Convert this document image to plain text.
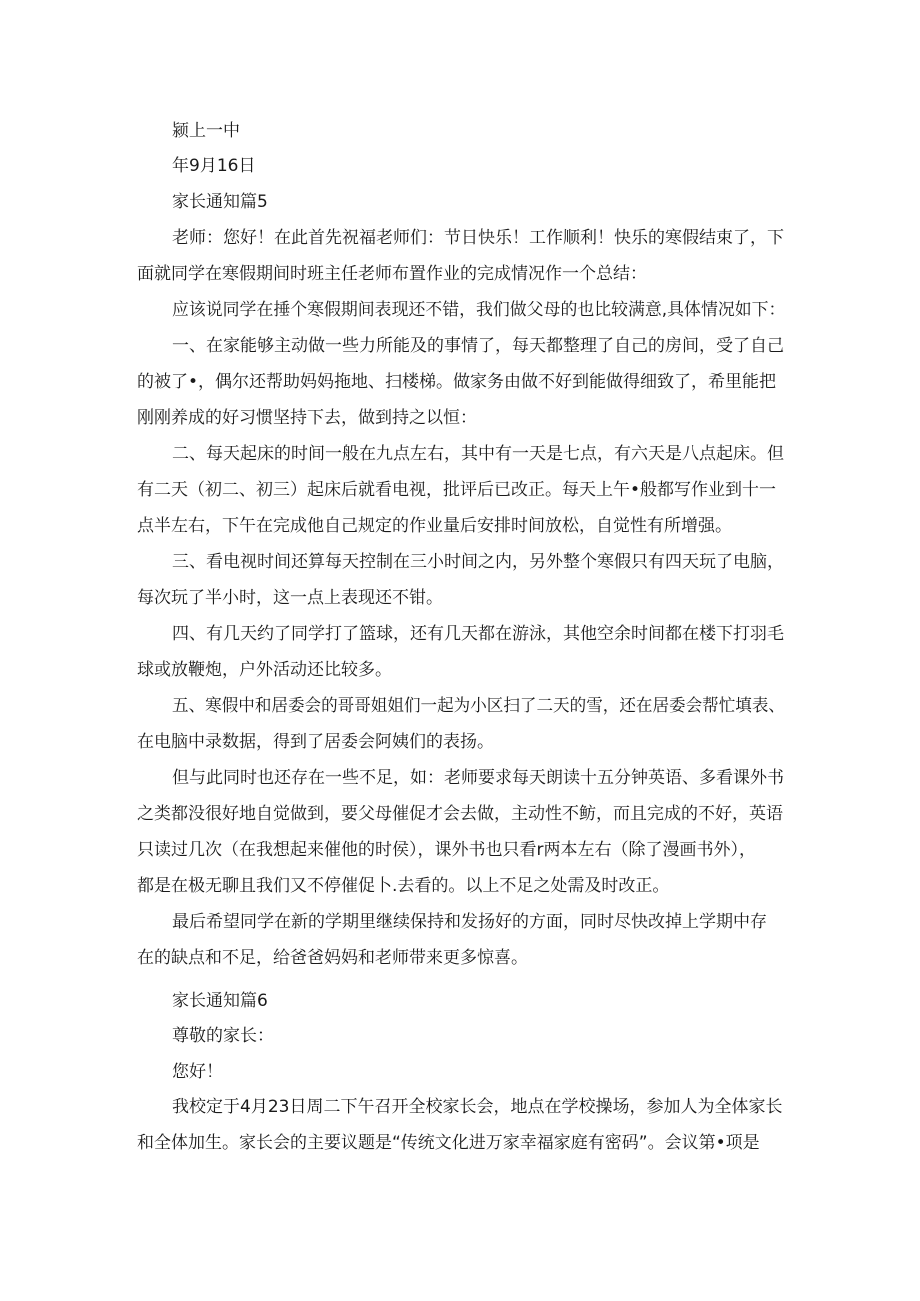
颍上一中
年9月16日
家长通知篇5
老师：您好！在此首先祝福老师们：节日快乐！工作顺利！快乐的寒假结束了，下
面就同学在寒假期间时班主任老师布置作业的完成情况作一个总结：
应该说同学在捶个寒假期间表现还不错，我们做父母的也比较满意,具体情况如下：
一、在家能够主动做一些力所能及的事情了，每天都整理了自己的房间，受了自己
的被了•，偶尔还帮助妈妈拖地、扫楼梯。做家务由做不好到能做得细致了，希里能把
刚刚养成的好习惯坚持下去，做到持之以恒：
二、每天起床的时间一般在九点左右，其中有一天是七点，有六天是八点起床。但
有二天（初二、初三）起床后就看电视，批评后已改正。每天上午•般都写作业到十一
点半左右，下午在完成他自己规定的作业量后安排时间放松，自觉性有所增强。
三、看电视时间还算每天控制在三小时间之内，另外整个寒假只有四天玩了电脑，
每次玩了半小时，这一点上表现还不钳。
四、有几天约了同学打了篮球，还有几天都在游泳，其他空余时间都在楼下打羽毛
球或放鞭炮，户外活动还比较多。
五、寒假中和居委会的哥哥姐姐们一起为小区扫了二天的雪，还在居委会帮忙填表、
在电脑中录数据，得到了居委会阿姨们的表扬。
但与此同时也还存在一些不足，如：老师要求每天朗读十五分钟英语、多看课外书
之类都没很好地自觉做到，要父母催促才会去做，主动性不鲂，而且完成的不好，英语
只读过几次（在我想起来催他的时侯），课外书也只看r两本左右（除了漫画书外），
都是在极无聊且我们又不停催促卜.去看的。以上不足之处需及时改正。
最后希望同学在新的学期里继续保持和发扬好的方面，同时尽快改掉上学期中存
在的缺点和不足，给爸爸妈妈和老师带来更多惊喜。
家长通知篇6
尊敬的家长：
您好！
我校定于4月23日周二下午召开全校家长会，地点在学校操场，参加人为全体家长
和全体加生。家长会的主要议题是“传统文化进万家幸福家庭有密码”。会议第•项是
